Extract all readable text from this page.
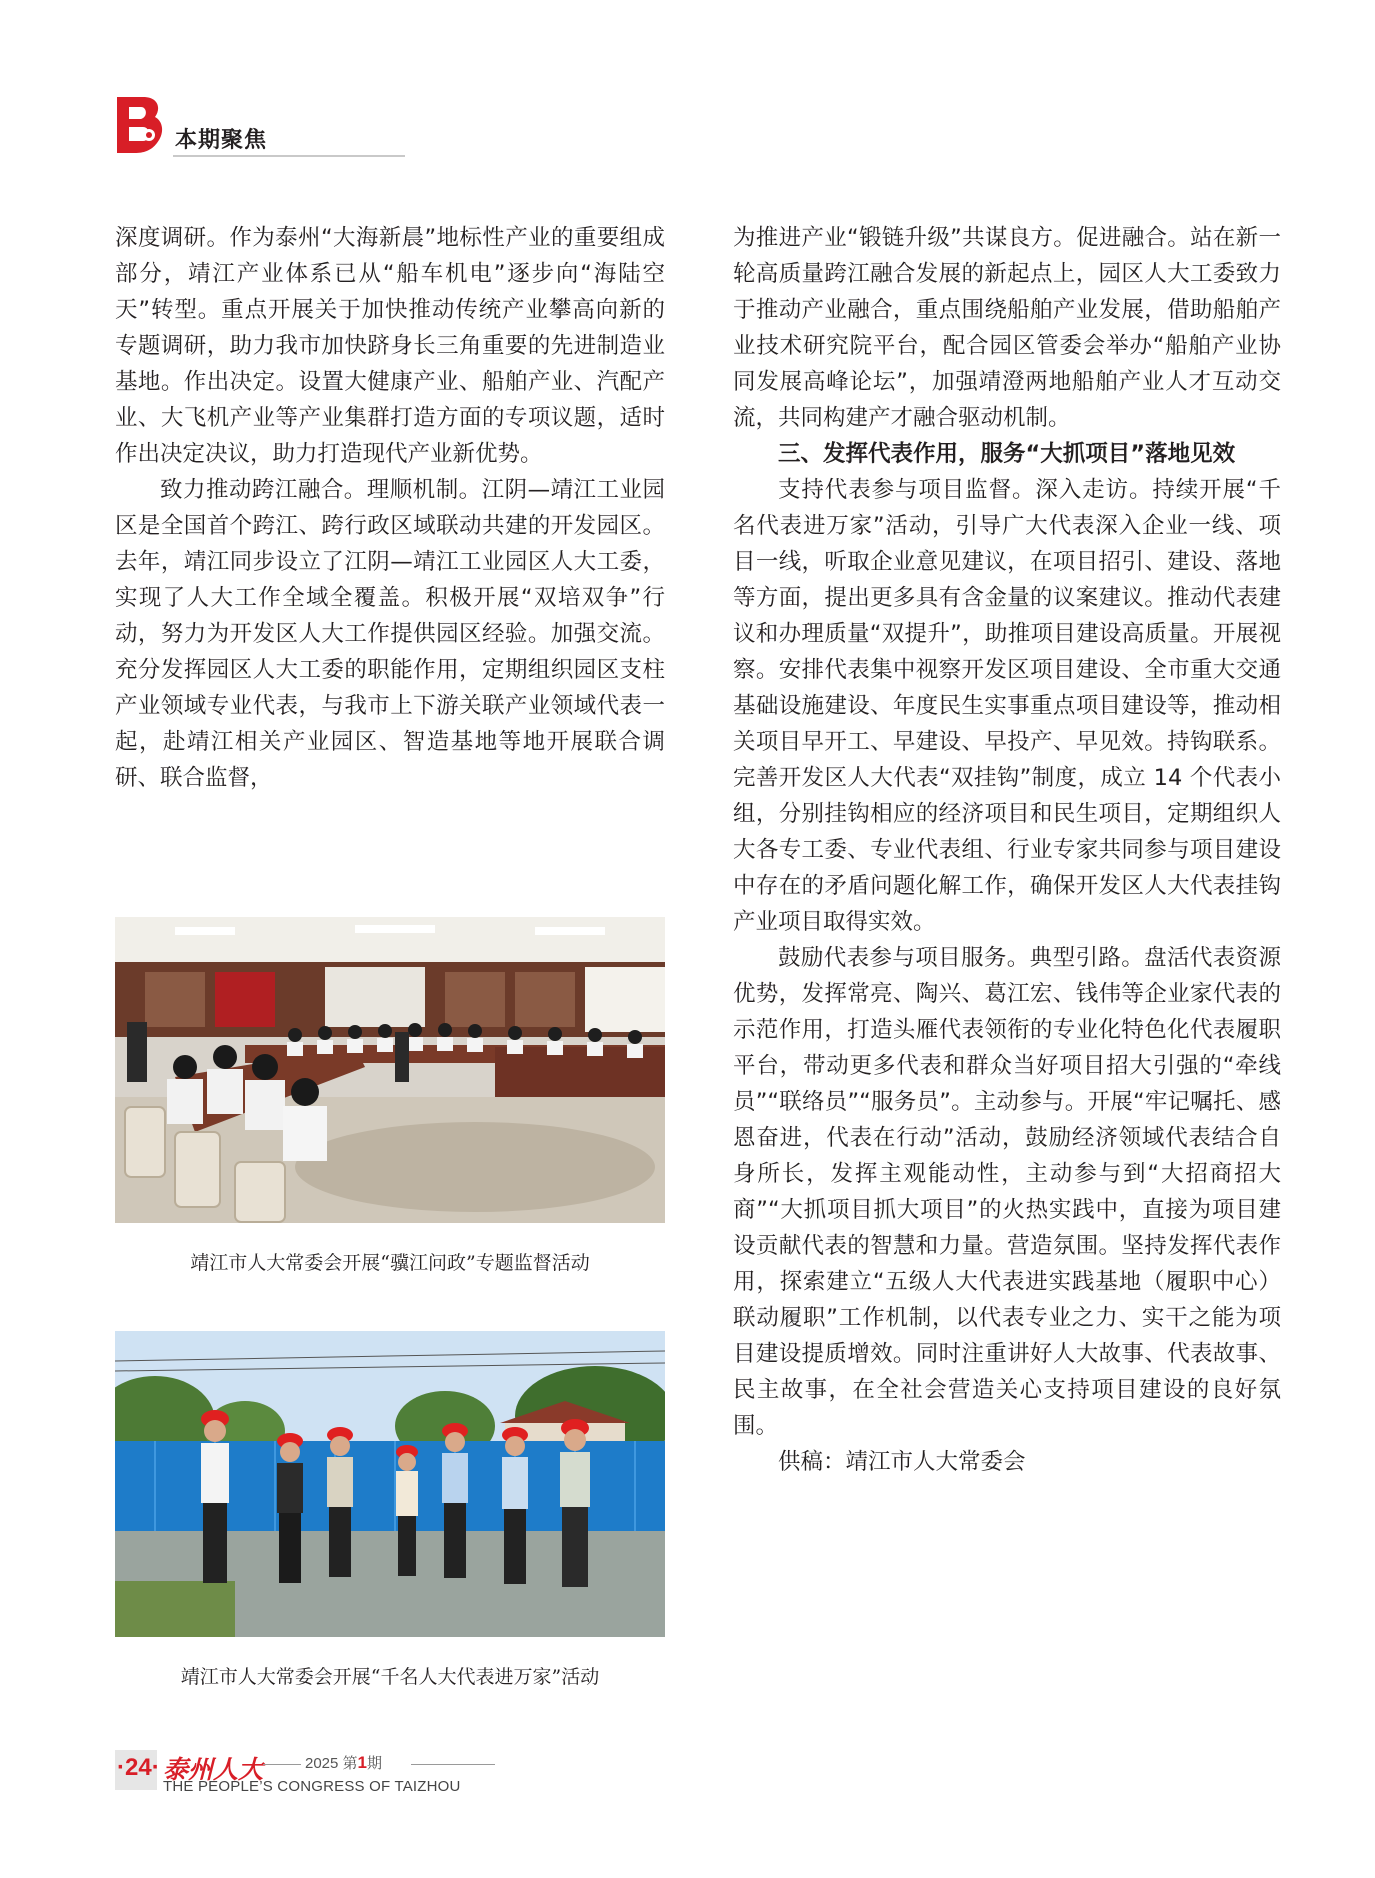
本期聚焦

深度调研。作为泰州“大海新晨”地标性产业的重要组成部分，靖江产业体系已从“船车机电”逐步向“海陆空天”转型。重点开展关于加快推动传统产业攀高向新的专题调研，助力我市加快跻身长三角重要的先进制造业基地。作出决定。设置大健康产业、船舶产业、汽配产业、大飞机产业等产业集群打造方面的专项议题，适时作出决定决议，助力打造现代产业新优势。

致力推动跨江融合。理顺机制。江阴—靖江工业园区是全国首个跨江、跨行政区域联动共建的开发园区。去年，靖江同步设立了江阴—靖江工业园区人大工委，实现了人大工作全域全覆盖。积极开展“双培双争”行动，努力为开发区人大工作提供园区经验。加强交流。充分发挥园区人大工委的职能作用，定期组织园区支柱产业领域专业代表，与我市上下游关联产业领域代表一起，赴靖江相关产业园区、智造基地等地开展联合调研、联合监督，

靖江市人大常委会开展“骥江问政”专题监督活动
靖江市人大常委会开展“千名人大代表进万家”活动

为推进产业“锻链升级”共谋良方。促进融合。站在新一轮高质量跨江融合发展的新起点上，园区人大工委致力于推动产业融合，重点围绕船舶产业发展，借助船舶产业技术研究院平台，配合园区管委会举办“船舶产业协同发展高峰论坛”，加强靖澄两地船舶产业人才互动交流，共同构建产才融合驱动机制。

三、发挥代表作用，服务“大抓项目”落地见效

支持代表参与项目监督。深入走访。持续开展“千名代表进万家”活动，引导广大代表深入企业一线、项目一线，听取企业意见建议，在项目招引、建设、落地等方面，提出更多具有含金量的议案建议。推动代表建议和办理质量“双提升”，助推项目建设高质量。开展视察。安排代表集中视察开发区项目建设、全市重大交通基础设施建设、年度民生实事重点项目建设等，推动相关项目早开工、早建设、早投产、早见效。持钩联系。完善开发区人大代表“双挂钩”制度，成立 14 个代表小组，分别挂钩相应的经济项目和民生项目，定期组织人大各专工委、专业代表组、行业专家共同参与项目建设中存在的矛盾问题化解工作，确保开发区人大代表挂钩产业项目取得实效。

鼓励代表参与项目服务。典型引路。盘活代表资源优势，发挥常亮、陶兴、葛江宏、钱伟等企业家代表的示范作用，打造头雁代表领衔的专业化特色化代表履职平台，带动更多代表和群众当好项目招大引强的“牵线员”“联络员”“服务员”。主动参与。开展“牢记嘱托、感恩奋进，代表在行动”活动，鼓励经济领域代表结合自身所长，发挥主观能动性，主动参与到“大招商招大商”“大抓项目抓大项目”的火热实践中，直接为项目建设贡献代表的智慧和力量。营造氛围。坚持发挥代表作用，探索建立“五级人大代表进实践基地（履职中心）联动履职”工作机制，以代表专业之力、实干之能为项目建设提质增效。同时注重讲好人大故事、代表故事、民主故事，在全社会营造关心支持项目建设的良好氛围。

供稿：靖江市人大常委会

·24· 泰州人大	2025 第1期
THE PEOPLE’S CONGRESS OF TAIZHOU
